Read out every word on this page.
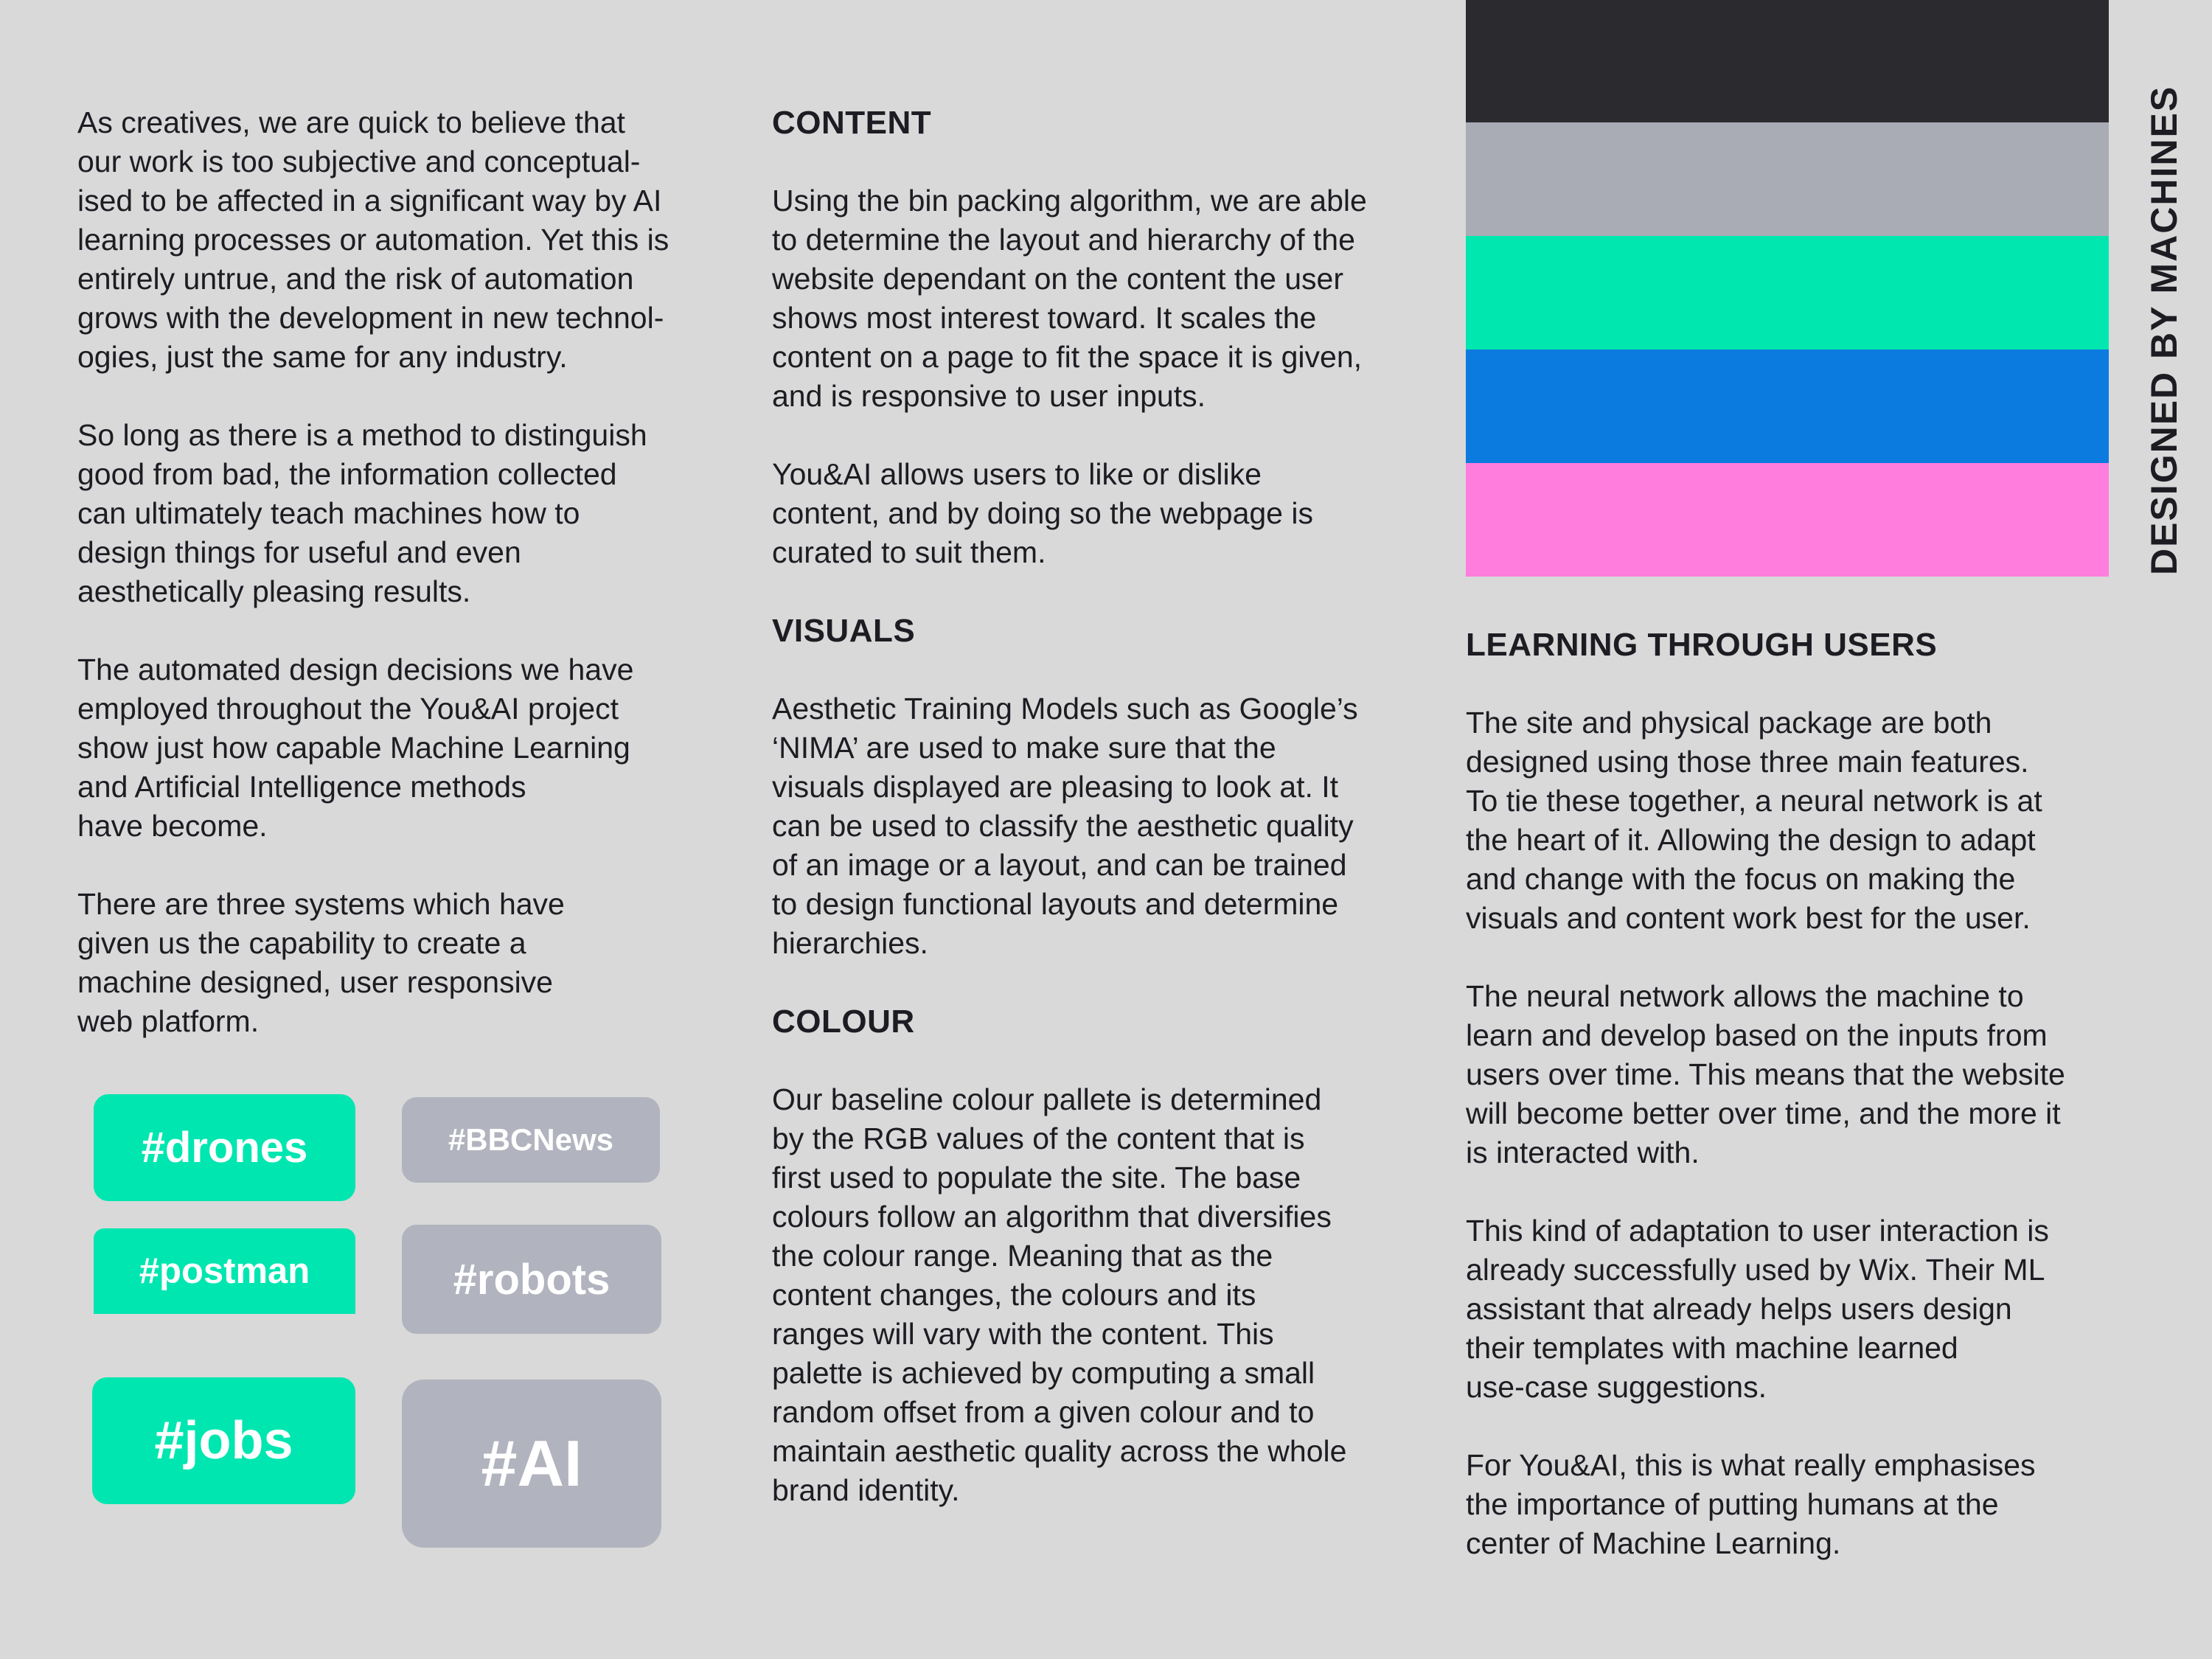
DESIGNED BY MACHINES

As creatives, we are quick to believe that
our work is too subjective and conceptual-
ised to be affected in a significant way by AI
learning processes or automation. Yet this is
entirely untrue, and the risk of automation
grows with the development in new technol-
ogies, just the same for any industry.

So long as there is a method to distinguish
good from bad, the information collected
can ultimately teach machines how to
design things for useful and even
aesthetically pleasing results.

The automated design decisions we have
employed throughout the You&AI project
show just how capable Machine Learning
and Artificial Intelligence methods
have become.

There are three systems which have
given us the capability to create a
machine designed, user responsive
web platform.

#drones	#BBCNews
#postman	#robots
#jobs	#AI
CONTENT

Using the bin packing algorithm, we are able
to determine the layout and hierarchy of the
website dependant on the content the user
shows most interest toward. It scales the
content on a page to fit the space it is given,
and is responsive to user inputs.

You&AI allows users to like or dislike
content, and by doing so the webpage is
curated to suit them.

VISUALS

Aesthetic Training Models such as Google’s
‘NIMA’ are used to make sure that the
visuals displayed are pleasing to look at. It
can be used to classify the aesthetic quality
of an image or a layout, and can be trained
to design functional layouts and determine
hierarchies.

COLOUR

Our baseline colour pallete is determined
by the RGB values of the content that is
first used to populate the site. The base
colours follow an algorithm that diversifies
the colour range. Meaning that as the
content changes, the colours and its
ranges will vary with the content. This
palette is achieved by computing a small
random offset from a given colour and to
maintain aesthetic quality across the whole
brand identity.

LEARNING THROUGH USERS

The site and physical package are both
designed using those three main features.
To tie these together, a neural network is at
the heart of it. Allowing the design to adapt
and change with the focus on making the
visuals and content work best for the user.

The neural network allows the machine to
learn and develop based on the inputs from
users over time. This means that the website
will become better over time, and the more it
is interacted with.

This kind of adaptation to user interaction is
already successfully used by Wix. Their ML
assistant that already helps users design
their templates with machine learned
use-case suggestions.

For You&AI, this is what really emphasises
the importance of putting humans at the
center of Machine Learning.
